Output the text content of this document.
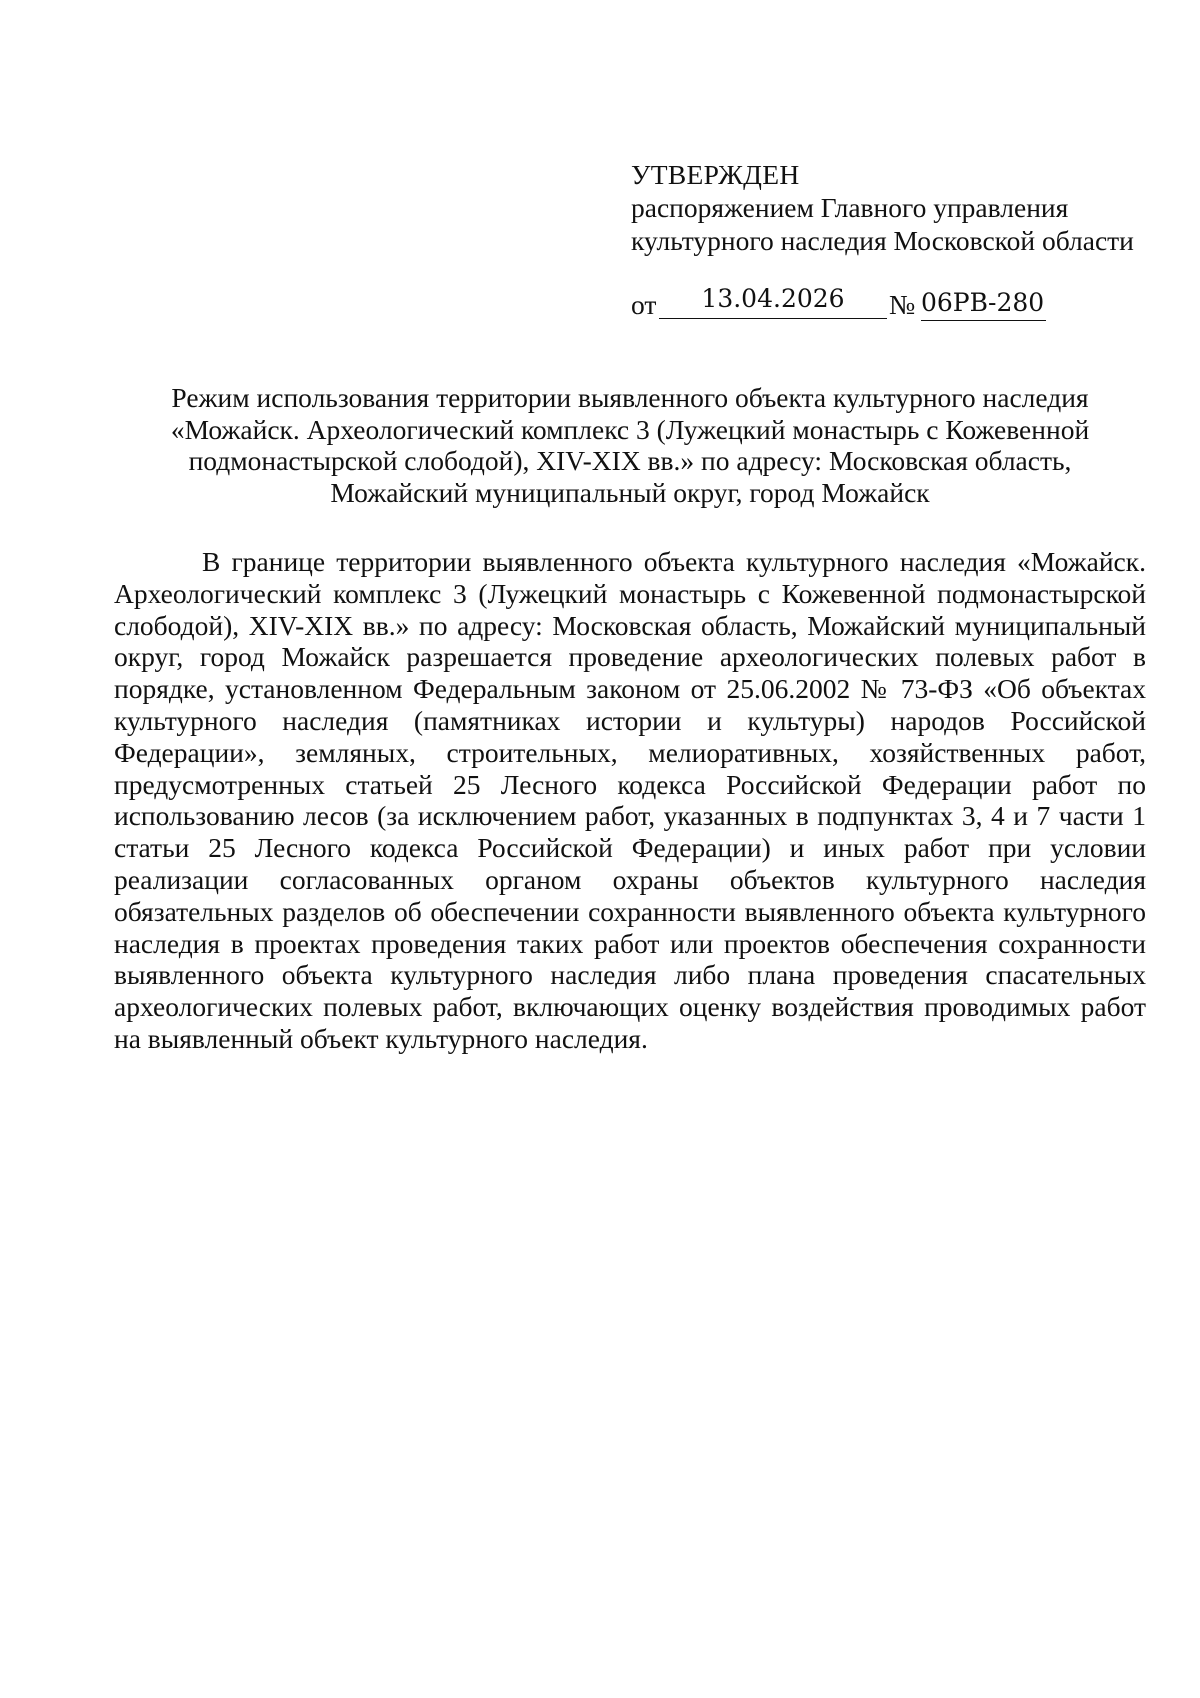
УТВЕРЖДЕН
распоряжением Главного управления
культурного наследия Московской области
от	13.04.2026	№ 06РВ-280
Режим использования территории выявленного объекта культурного наследия
«Можайск. Археологический комплекс 3 (Лужецкий монастырь с Кожевенной
подмонастырской слободой), XIV-XIX вв.» по адресу: Московская область,
Можайский муниципальный округ, город Можайск

В границе территории выявленного объекта культурного наследия «Можайск. Археологический комплекс 3 (Лужецкий монастырь с Кожевенной подмонастырской слободой), XIV-XIX вв.» по адресу: Московская область, Можайский муниципальный округ, город Можайск разрешается проведение археологических полевых работ в порядке, установленном Федеральным законом от 25.06.2002 № 73-ФЗ «Об объектах культурного наследия (памятниках истории и культуры) народов Российской Федерации», земляных, строительных, мелиоративных, хозяйственных работ, предусмотренных статьей 25 Лесного кодекса Российской Федерации работ по использованию лесов (за исключением работ, указанных в подпунктах 3, 4 и 7 части 1 статьи 25 Лесного кодекса Российской Федерации) и иных работ при условии реализации согласованных органом охраны объектов культурного наследия обязательных разделов об обеспечении сохранности выявленного объекта культурного наследия в проектах проведения таких работ или проектов обеспечения сохранности выявленного объекта культурного наследия либо плана проведения спасательных археологических полевых работ, включающих оценку воздействия проводимых работ на выявленный объект культурного наследия.
